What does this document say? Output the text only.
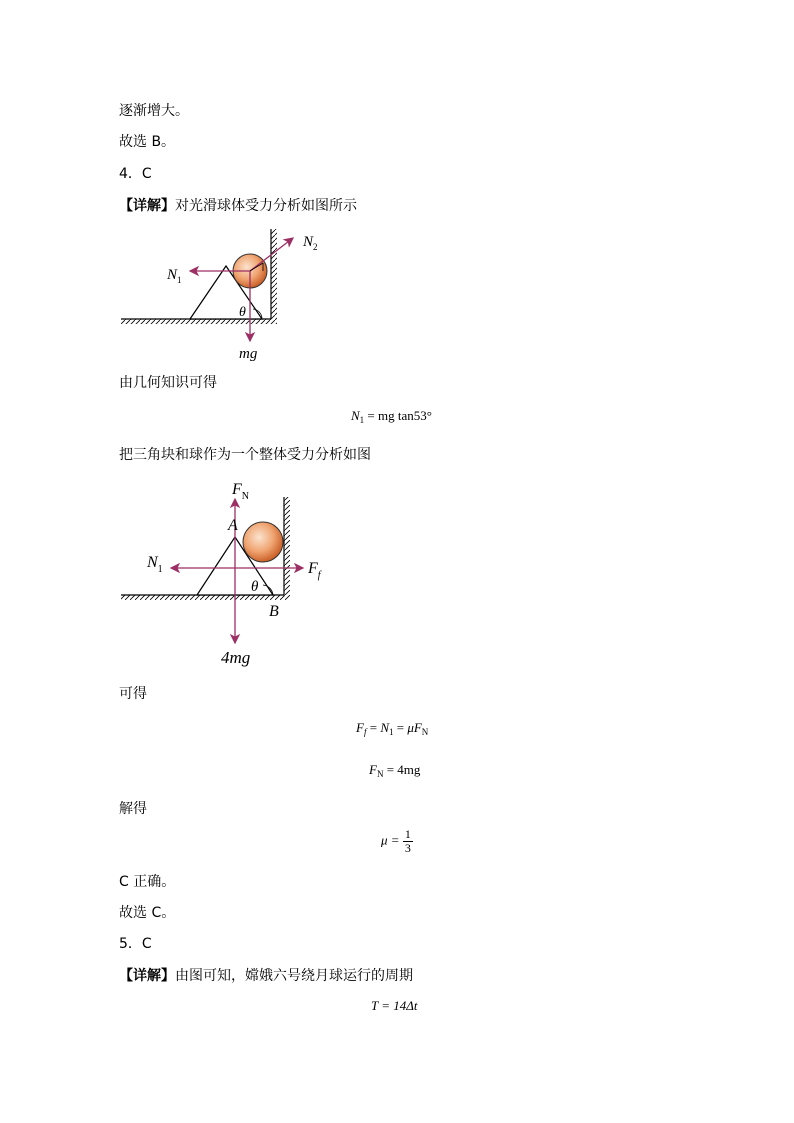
逐渐增大。
故选 B。
4．C
【详解】对光滑球体受力分析如图所示
$N_1$
$N_2$
θ
mg
由几何知识可得
$N_1$ = mg tan53°
把三角块和球作为一个整体受力分析如图
$F_N$
A
$N_1$	$F_f$
θ
B
4mg
可得
$F_f = N_1 = \mu F_N$
$F_N = 4mg$
解得
$\mu = \frac{1}{3}$
C 正确。
故选 C。
5．C
【详解】由图可知，嫦娥六号绕月球运行的周期
T = 14Δt
